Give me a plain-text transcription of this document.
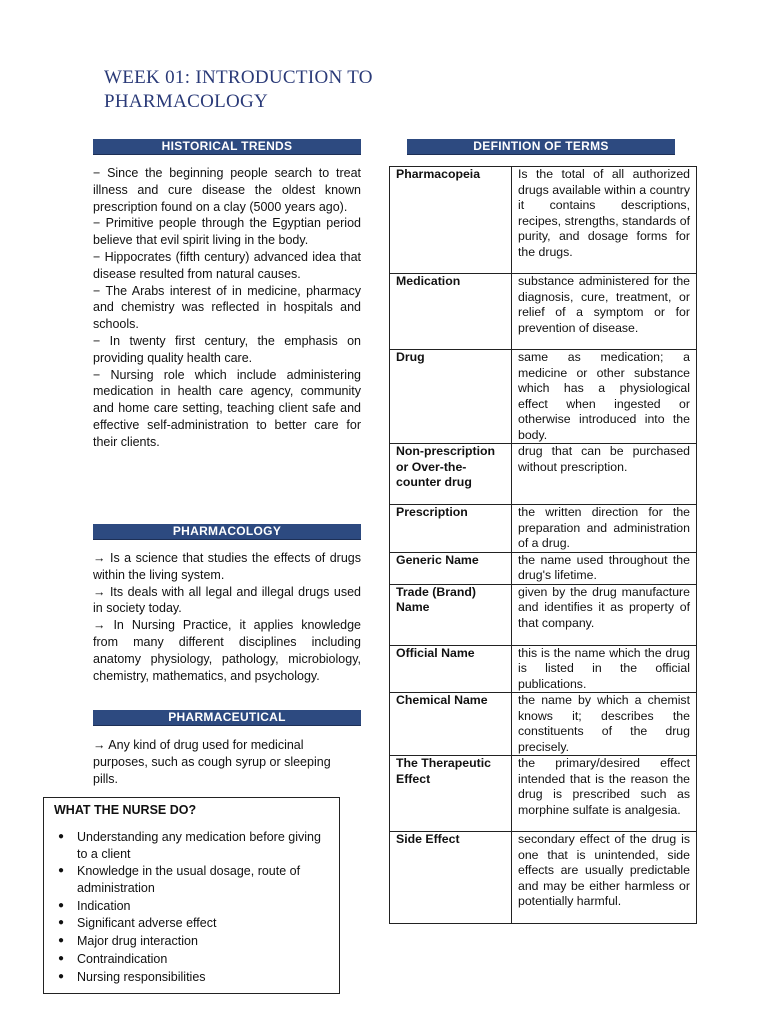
WEEK 01: INTRODUCTION TO
PHARMACOLOGY
HISTORICAL TRENDS

− Since the beginning people search to treat illness and cure disease the oldest known prescription found on a clay (5000 years ago).

− Primitive people through the Egyptian period believe that evil spirit living in the body.

− Hippocrates (fifth century) advanced idea that disease resulted from natural causes.

− The Arabs interest of in medicine, pharmacy and chemistry was reflected in hospitals and schools.

− In twenty first century, the emphasis on providing quality health care.

− Nursing role which include administering medication in health care agency, community and home care setting, teaching client safe and effective self-administration to better care for their clients.

PHARMACOLOGY

→ Is a science that studies the effects of drugs within the living system.

→ Its deals with all legal and illegal drugs used in society today.

→ In Nursing Practice, it applies knowledge from many different disciplines including anatomy physiology, pathology, microbiology, chemistry, mathematics, and psychology.

PHARMACEUTICAL
→ Any kind of drug used for medicinal purposes, such as cough syrup or sleeping pills.
WHAT THE NURSE DO?
● Understanding any medication before giving to a client
● Knowledge in the usual dosage, route of administration
● Indication
● Significant adverse effect
● Major drug interaction
● Contraindication
● Nursing responsibilities
DEFINTION OF TERMS
Pharmacopeia	Is the total of all authorized drugs available within a country it contains descriptions, recipes, strengths, standards of purity, and dosage forms for the drugs.
Medication	substance administered for the diagnosis, cure, treatment, or relief of a symptom or for prevention of disease.
Drug	same as medication; a medicine or other substance which has a physiological effect when ingested or otherwise introduced into the body.
Non-prescription or Over-the-counter drug	drug that can be purchased without prescription.
Prescription	the written direction for the preparation and administration of a drug.
Generic Name	the name used throughout the drug's lifetime.
Trade (Brand) Name	given by the drug manufacture and identifies it as property of that company.
Official Name	this is the name which the drug is listed in the official publications.
Chemical Name	the name by which a chemist knows it; describes the constituents of the drug precisely.
The Therapeutic Effect	the primary/desired effect intended that is the reason the drug is prescribed such as morphine sulfate is analgesia.
Side Effect	secondary effect of the drug is one that is unintended, side effects are usually predictable and may be either harmless or potentially harmful.
